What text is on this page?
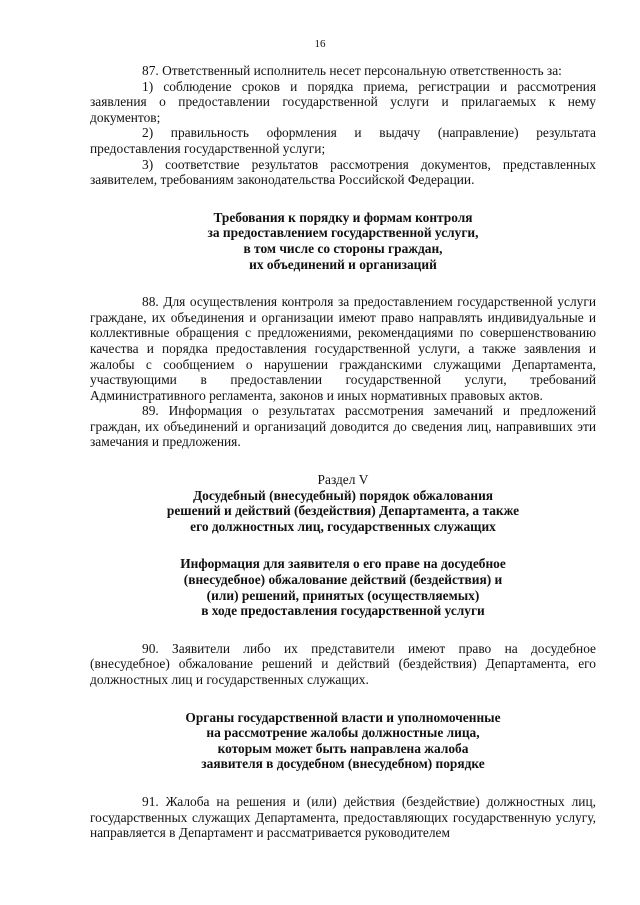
16

87. Ответственный исполнитель несет персональную ответственность за:

1) соблюдение сроков и порядка приема, регистрации и рассмотрения заявления о предоставлении государственной услуги и прилагаемых к нему документов;

2) правильность оформления и выдачу (направление) результата предоставления государственной услуги;

3) соответствие результатов рассмотрения документов, представленных заявителем, требованиям законодательства Российской Федерации.

Требования к порядку и формам контроля
за предоставлением государственной услуги,
в том числе со стороны граждан,
их объединений и организаций

88. Для осуществления контроля за предоставлением государственной услуги граждане, их объединения и организации имеют право направлять индивидуальные и коллективные обращения с предложениями, рекомендациями по совершенствованию качества и порядка предоставления государственной услуги, а также заявления и жалобы с сообщением о нарушении гражданскими служащими Департамента, участвующими в предоставлении государственной услуги, требований Административного регламента, законов и иных нормативных правовых актов.

89. Информация о результатах рассмотрения замечаний и предложений граждан, их объединений и организаций доводится до сведения лиц, направивших эти замечания и предложения.

Раздел V

Досудебный (внесудебный) порядок обжалования
решений и действий (бездействия) Департамента, а также
его должностных лиц, государственных служащих
Информация для заявителя о его праве на досудебное
(внесудебное) обжалование действий (бездействия) и
(или) решений, принятых (осуществляемых)
в ходе предоставления государственной услуги

90. Заявители либо их представители имеют право на досудебное (внесудебное) обжалование решений и действий (бездействия) Департамента, его должностных лиц и государственных служащих.

Органы государственной власти и уполномоченные
на рассмотрение жалобы должностные лица,
которым может быть направлена жалоба
заявителя в досудебном (внесудебном) порядке

91. Жалоба на решения и (или) действия (бездействие) должностных лиц, государственных служащих Департамента, предоставляющих государственную услугу, направляется в Департамент и рассматривается руководителем
